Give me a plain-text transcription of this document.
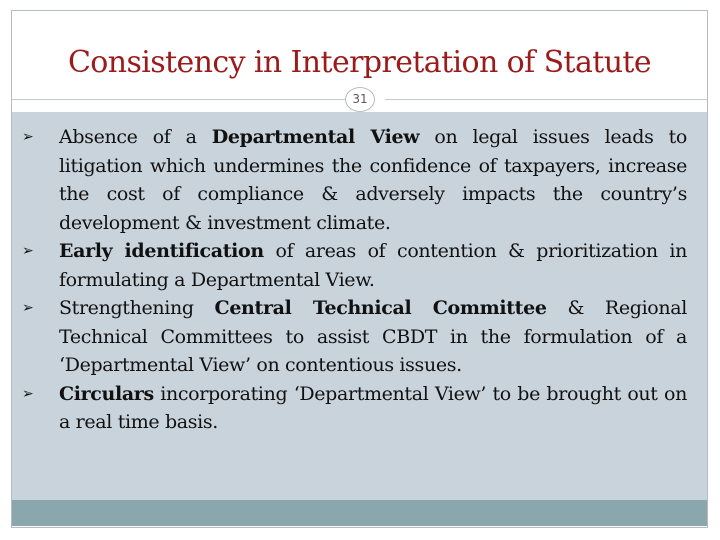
Consistency in Interpretation of Statute
31
➢ Absence of a Departmental View on legal issues leads to litigation which undermines the confidence of taxpayers, increase the cost of compliance & adversely impacts the country’s development & investment climate.
➢ Early identification of areas of contention & prioritization in formulating a Departmental View.
➢ Strengthening Central Technical Committee & Regional Technical Committees to assist CBDT in the formulation of a ‘Departmental View’ on contentious issues.
➢ Circulars incorporating ‘Departmental View’ to be brought out on a real time basis.
